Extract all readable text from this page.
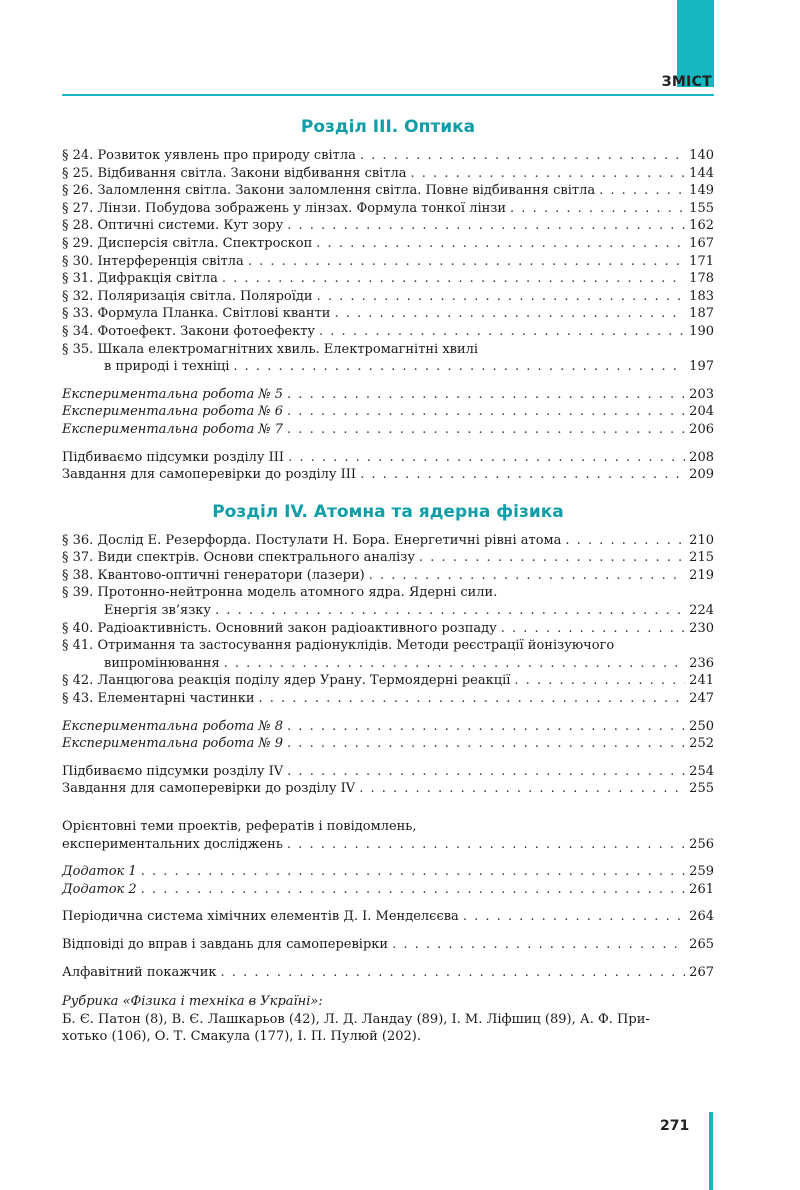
ЗМІСТ
Розділ III. Оптика
§ 24. Розвиток уявлень про природу світла . . .	140
§ 25. Відбивання світла. Закони відбивання світла . . .	144
§ 26. Заломлення світла. Закони заломлення світла. Повне відбивання світла . . .	149
§ 27. Лінзи. Побудова зображень у лінзах. Формула тонкої лінзи . . .	155
§ 28. Оптичні системи. Кут зору . . .	162
§ 29. Дисперсія світла. Спектроскоп . . .	167
§ 30. Інтерференція світла . . .	171
§ 31. Дифракція світла . . .	178
§ 32. Поляризація світла. Поляроїди . . .	183
§ 33. Формула Планка. Світлові кванти . . .	187
§ 34. Фотоефект. Закони фотоефекту . . .	190
§ 35. Шкала електромагнітних хвиль. Електромагнітні хвилі
в природі і техніці . . .	197
Експериментальна робота № 5 . . .	203
Експериментальна робота № 6 . . .	204
Експериментальна робота № 7 . . .	206
Підбиваємо підсумки розділу III . . .	208
Завдання для самоперевірки до розділу III . . .	209
Розділ IV. Атомна та ядерна фізика
§ 36. Дослід Е. Резерфорда. Постулати Н. Бора. Енергетичні рівні атома . . .	210
§ 37. Види спектрів. Основи спектрального аналізу . . .	215
§ 38. Квантово-оптичні генератори (лазери) . . .	219
§ 39. Протонно-нейтронна модель атомного ядра. Ядерні сили.
Енергія зв’язку . . .	224
§ 40. Радіоактивність. Основний закон радіоактивного розпаду . . .	230
§ 41. Отримання та застосування радіонуклідів. Методи реєстрації йонізуючого
випромінювання . . .	236
§ 42. Ланцюгова реакція поділу ядер Урану. Термоядерні реакції . . .	241
§ 43. Елементарні частинки . . .	247
Експериментальна робота № 8 . . .	250
Експериментальна робота № 9 . . .	252
Підбиваємо підсумки розділу IV . . .	254
Завдання для самоперевірки до розділу IV . . .	255
Орієнтовні теми проектів, рефератів і повідомлень,
експериментальних досліджень . . .	256
Додаток 1 . . .	259
Додаток 2 . . .	261
Періодична система хімічних елементів Д. І. Менделєєва . . .	264
Відповіді до вправ і завдань для самоперевірки . . .	265
Алфавітний покажчик . . .	267
Рубрика «Фізика і техніка в Україні»:
Б. Є. Патон (8), В. Є. Лашкарьов (42), Л. Д. Ландау (89), І. М. Ліфшиц (89), А. Ф. При-
хотько (106), О. Т. Смакула (177), І. П. Пулюй (202).
271
